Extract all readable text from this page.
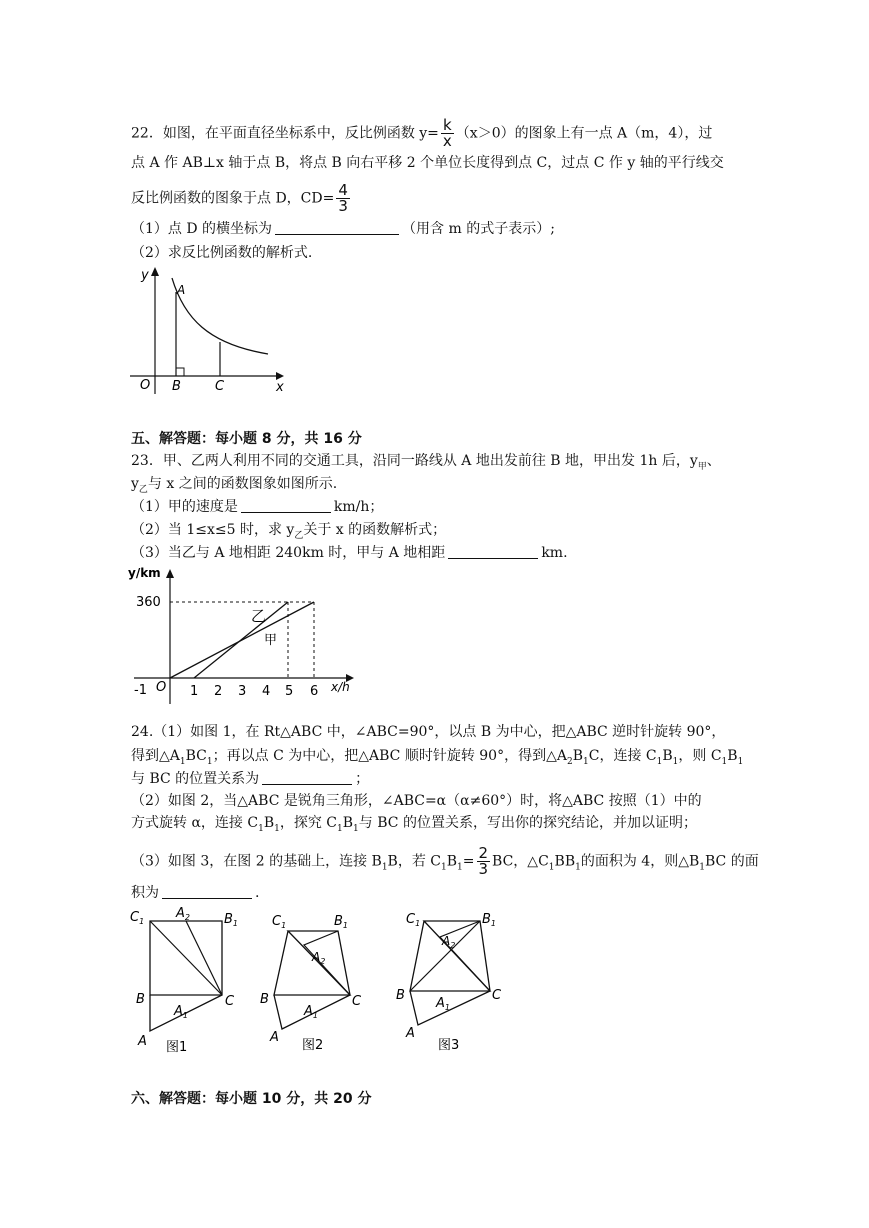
22．如图，在平面直径坐标系中，反比例函数 $y= \frac{k}{x} (x>0)$的图象上有一点 A（m，4），过
点 A 作 AB⊥x 轴于点 B，将点 B 向右平移 2 个单位长度得到点 C，过点 C 作 y 轴的平行线交
反比例函数的图象于点 D，$CD= \frac{4}{3}$
（1）点 D 的横坐标为	（用含 m 的式子表示）;
（2）求反比例函数的解析式.
y
x
O
A
B	C
五、解答题：每小题 8 分，共 16 分
23．甲、乙两人利用不同的交通工具，沿同一路线从 A 地出发前往 B 地，甲出发 1h 后，$y_甲$、
$y_乙$与 x 之间的函数图象如图所示.
（1）甲的速度是	km/h；
（2）当 1≤x≤5 时，求 $y_乙$关于 x 的函数解析式；
（3）当乙与 A 地相距 240km 时，甲与 A 地相距	km.
y/km
x/h
360
O
-1	1 2 3 4 5 6
乙
甲
24.（1）如图 1，在 Rt△ABC 中，∠ABC=90°，以点 B 为中心，把△ABC 逆时针旋转 90°，
得到$\triangle A_1BC_1$；再以点 C 为中心，把△ABC 顺时针旋转 90°，得到$\triangle A_2B_1C$，连接 $C_1B_1$，则 $C_1B_1$
与 BC 的位置关系为	；
（2）如图 2，当△ABC 是锐角三角形，∠ABC=α（α≠60°）时，将△ABC 按照（1）中的
方式旋转 α，连接 $C_1B_1$，探究 $C_1B_1$与 BC 的位置关系，写出你的探究结论，并加以证明；
（3）如图 3，在图 2 的基础上，连接 $B_1B$，若 $C_1B_1= \frac{2}{3}$ BC，$\triangle C_1BB_1$的面积为 4，则$\triangle B_1BC$ 的面
积为	.
$C_1$
$A_2$	$B_1$
B
$A_1$
C
A 图1
$C_1$	$B_1$
$A_2$
B
$A_1$
C
A
图2
$C_1$	$B_1$
$A_2$
B
$A_1$
C
A
图3
六、解答题：每小题 10 分，共 20 分
